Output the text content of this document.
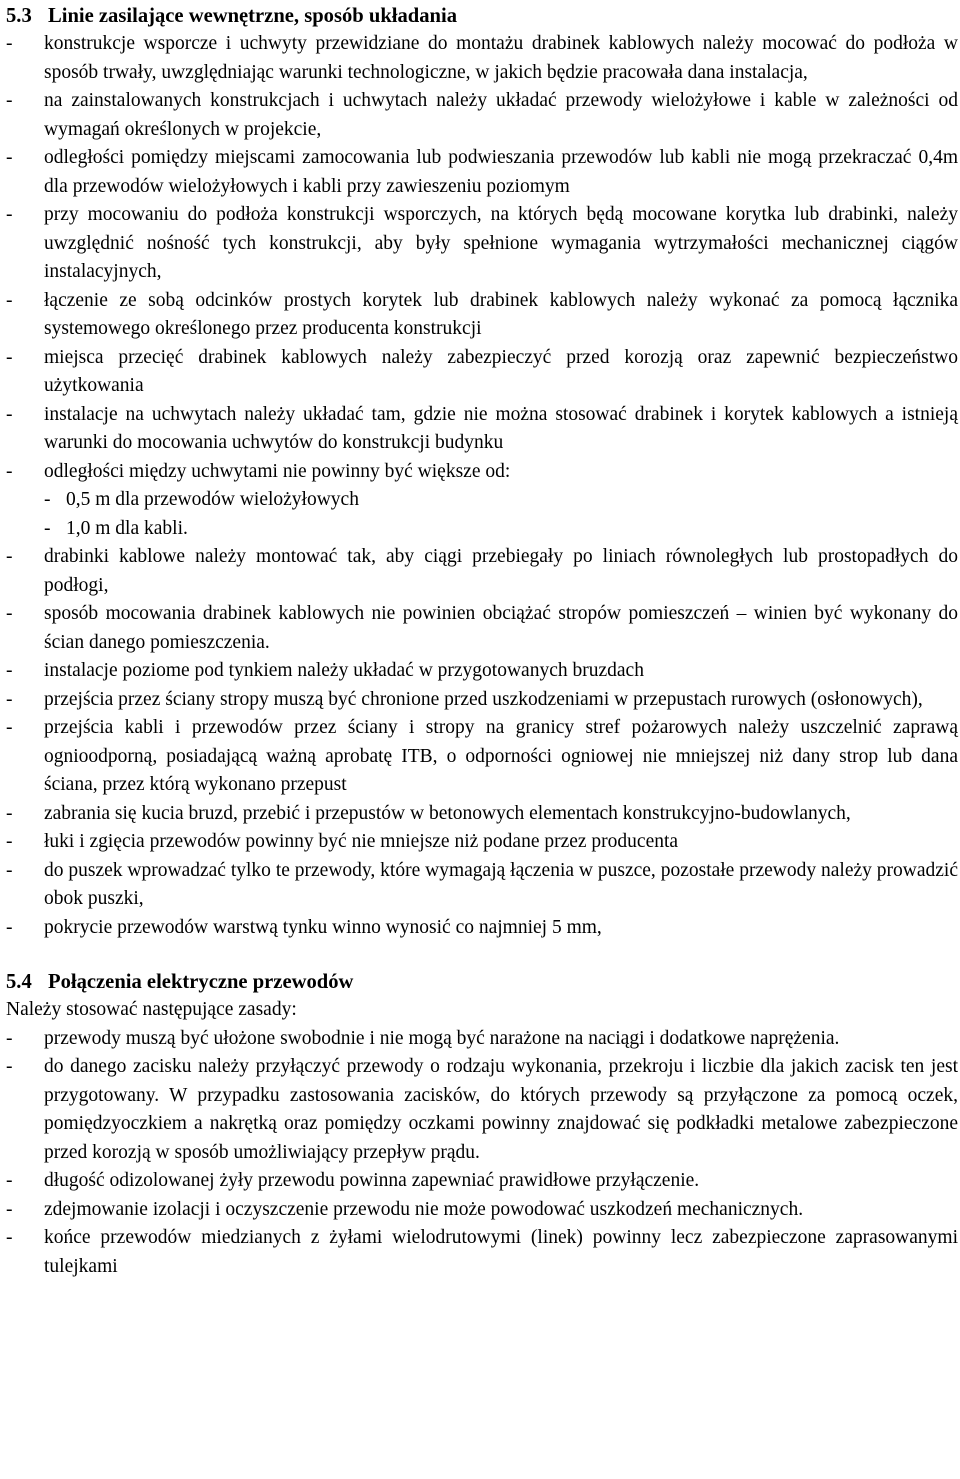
5.3 Linie zasilające wewnętrzne, sposób układania
-	konstrukcje wsporcze i uchwyty przewidziane do montażu drabinek kablowych należy mocować do podłoża w sposób trwały, uwzględniając warunki technologiczne, w jakich będzie pracowała dana instalacja,
-	na zainstalowanych konstrukcjach i uchwytach należy układać przewody wielożyłowe i kable w zależności od wymagań określonych w projekcie,
-	odległości pomiędzy miejscami zamocowania lub podwieszania przewodów lub kabli nie mogą przekraczać 0,4m dla przewodów wielożyłowych i kabli przy zawieszeniu poziomym
-	przy mocowaniu do podłoża konstrukcji wsporczych, na których będą mocowane korytka lub drabinki, należy uwzględnić nośność tych konstrukcji, aby były spełnione wymagania wytrzymałości mechanicznej ciągów instalacyjnych,
-	łączenie ze sobą odcinków prostych korytek lub drabinek kablowych należy wykonać za pomocą łącznika systemowego określonego przez producenta konstrukcji
-	miejsca przecięć drabinek kablowych należy zabezpieczyć przed korozją oraz zapewnić bezpieczeństwo użytkowania
-	instalacje na uchwytach należy układać tam, gdzie nie można stosować drabinek i korytek kablowych a istnieją warunki do mocowania uchwytów do konstrukcji budynku
-	odległości między uchwytami nie powinny być większe od:
- 0,5 m dla przewodów wielożyłowych
- 1,0 m dla kabli.
-	drabinki kablowe należy montować tak, aby ciągi przebiegały po liniach równoległych lub prostopadłych do podłogi,
-	sposób mocowania drabinek kablowych nie powinien obciążać stropów pomieszczeń – winien być wykonany do ścian danego pomieszczenia.
-	instalacje poziome pod tynkiem należy układać w przygotowanych bruzdach
-	przejścia przez ściany stropy muszą być chronione przed uszkodzeniami w przepustach rurowych (osłonowych),
-	przejścia kabli i przewodów przez ściany i stropy na granicy stref pożarowych należy uszczelnić zaprawą ognioodporną, posiadającą ważną aprobatę ITB, o odporności ogniowej nie mniejszej niż dany strop lub dana ściana, przez którą wykonano przepust
-	zabrania się kucia bruzd, przebić i przepustów w betonowych elementach konstrukcyjno-budowlanych,
-	łuki i zgięcia przewodów powinny być nie mniejsze niż podane przez producenta
-	do puszek wprowadzać tylko te przewody, które wymagają łączenia w puszce, pozostałe przewody należy prowadzić obok puszki,
-	pokrycie przewodów warstwą tynku winno wynosić co najmniej 5 mm,
5.4 Połączenia elektryczne przewodów
Należy stosować następujące zasady:
-	przewody muszą być ułożone swobodnie i nie mogą być narażone na naciągi i dodatkowe naprężenia.
-	do danego zacisku należy przyłączyć przewody o rodzaju wykonania, przekroju i liczbie dla jakich zacisk ten jest przygotowany. W przypadku zastosowania zacisków, do których przewody są przyłączone za pomocą oczek, pomiędzyoczkiem a nakrętką oraz pomiędzy oczkami powinny znajdować się podkładki metalowe zabezpieczone przed korozją w sposób umożliwiający przepływ prądu.
-	długość odizolowanej żyły przewodu powinna zapewniać prawidłowe przyłączenie.
-	zdejmowanie izolacji i oczyszczenie przewodu nie może powodować uszkodzeń mechanicznych.
-	końce przewodów miedzianych z żyłami wielodrutowymi (linek) powinny lecz zabezpieczone zaprasowanymi tulejkami
